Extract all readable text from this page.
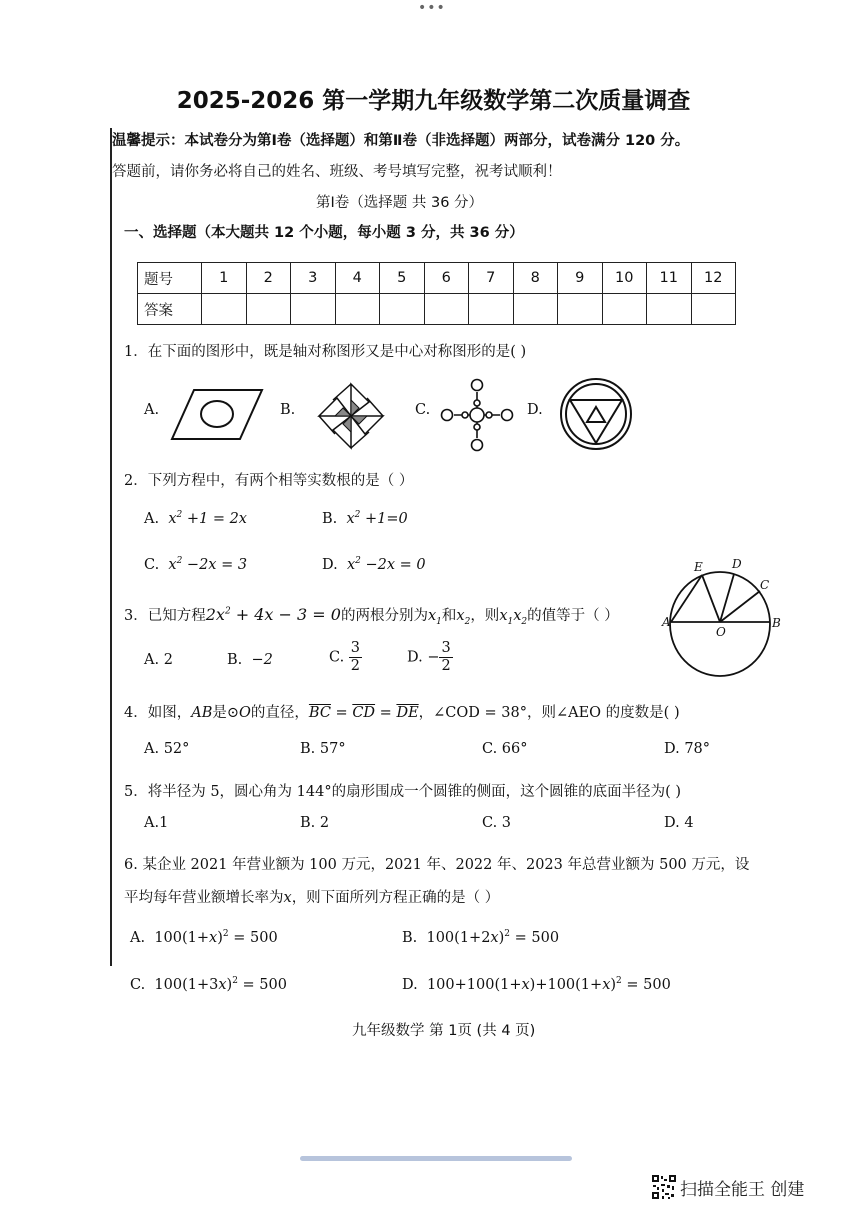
•••
2025-2026 第一学期九年级数学第二次质量调查
温馨提示：本试卷分为第Ⅰ卷（选择题）和第Ⅱ卷（非选择题）两部分，试卷满分 120 分。
答题前，请你务必将自己的姓名、班级、考号填写完整，祝考试顺利！
第Ⅰ卷（选择题 共 36 分）
一、选择题（本大题共 12 个小题，每小题 3 分，共 36 分）
题号	1	2	3	4	5	6	7	8	9	10	11	12
答案												
1．在下面的图形中，既是轴对称图形又是中心对称图形的是( )
A.	B.	C.	D.
2．下列方程中，有两个相等实数根的是（ ）
A. $x^2 +1 = 2x$	B. $x^2 +1=0$
C. $x^2 -2x = 3$	D. $x^2 -2x = 0$	E D
C
A
O
B
3．已知方程$2x^2 + 4x - 3 = 0$的两根分别为$x_1$和$x_2$，则$x_1x_2$的值等于（ ）
A. 2	B. −2	C. $\frac{3}{2}$	D. − $\frac{3}{2}$
4．如图，AB是⊙O的直径，$\overline{BC} = \overline{CD} = \overline{DE}$，∠COD = 38°，则∠AEO 的度数是( )
A. 52°	B. 57°	C. 66°	D. 78°
5．将半径为 5，圆心角为 144°的扇形围成一个圆锥的侧面，这个圆锥的底面半径为( )
A.1	B. 2	C. 3	D. 4
6. 某企业 2021 年营业额为 100 万元，2021 年、2022 年、2023 年总营业额为 500 万元，设
平均每年营业额增长率为x，则下面所列方程正确的是（ ）
A. $100(1+x)^2 = 500$	B. $100(1+2x)^2 = 500$
C. $100(1+3x)^2 = 500$	D. $100+100(1+x)+100(1+x)^2 = 500$
九年级数学 第 1页 (共 4 页)
扫描全能王 创建
